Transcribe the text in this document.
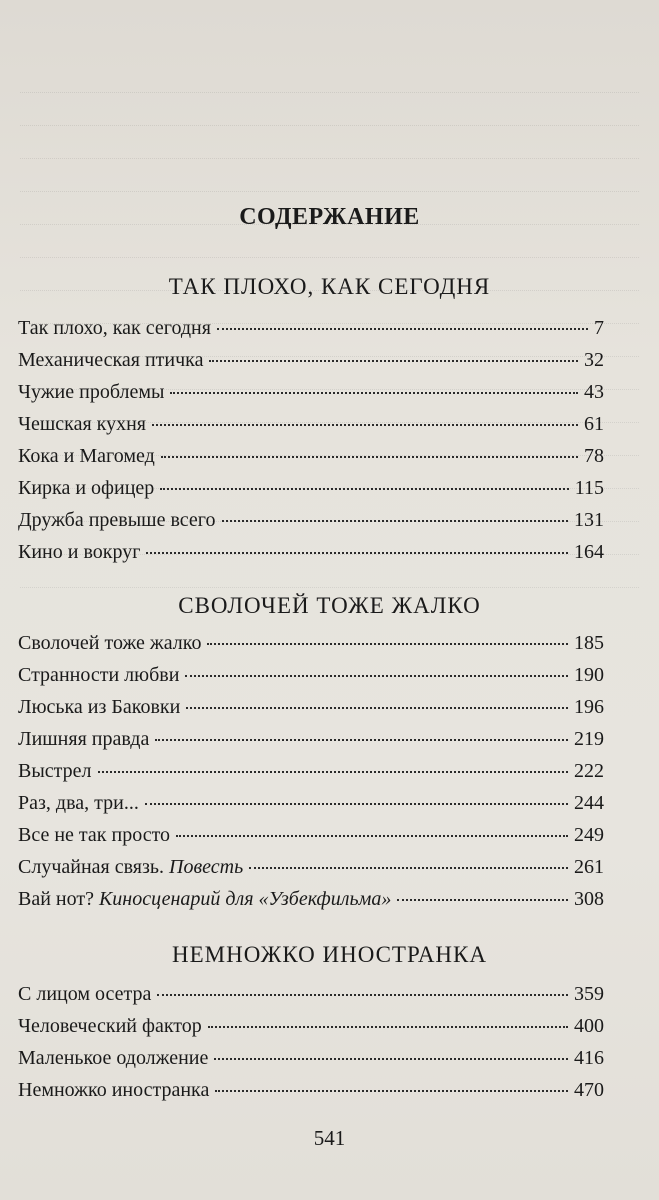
СОДЕРЖАНИЕ
ТАК ПЛОХО, КАК СЕГОДНЯ
Так плохо, как сегодня	7
Механическая птичка	32
Чужие проблемы	43
Чешская кухня	61
Кока и Магомед	78
Кирка и офицер	115
Дружба превыше всего	131
Кино и вокруг	164
СВОЛОЧЕЙ ТОЖЕ ЖАЛКО
Сволочей тоже жалко	185
Странности любви	190
Люська из Баковки	196
Лишняя правда	219
Выстрел	222
Раз, два, три...	244
Все не так просто	249
Случайная связь. Повесть	261
Вай нот? Киносценарий для «Узбекфильма»	308
НЕМНОЖКО ИНОСТРАНКА
С лицом осетра	359
Человеческий фактор	400
Маленькое одолжение	416
Немножко иностранка	470
541
